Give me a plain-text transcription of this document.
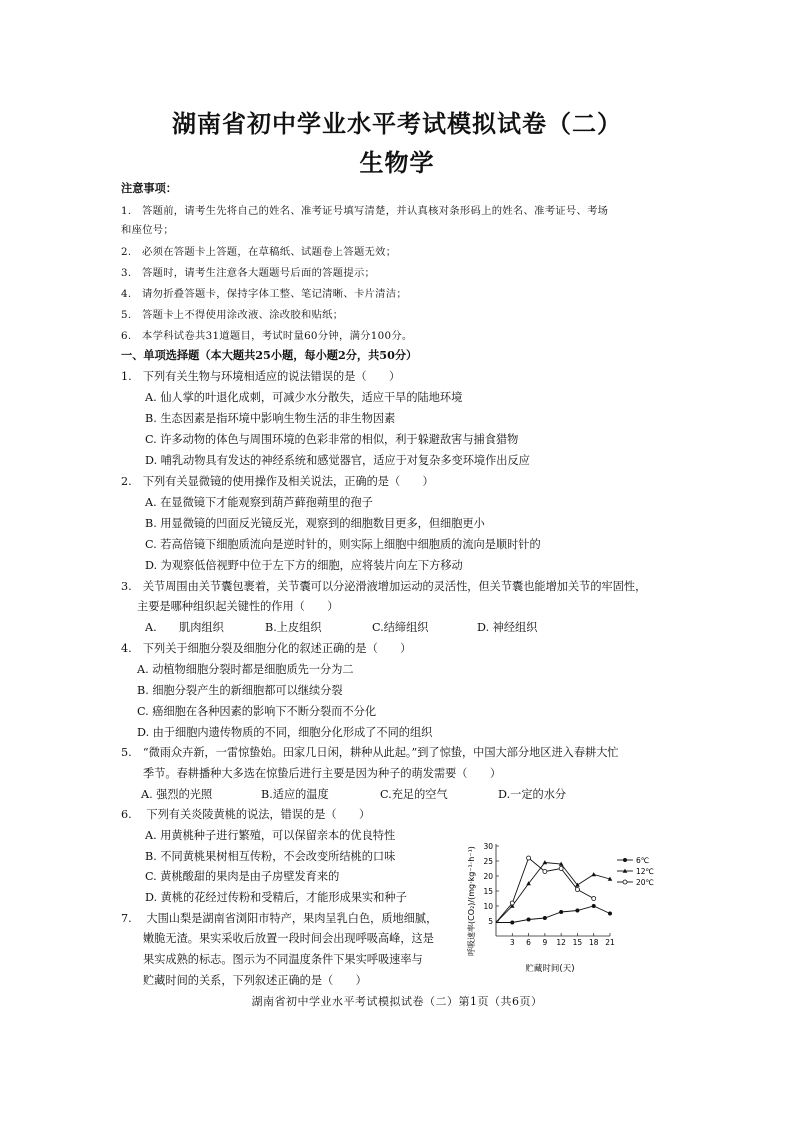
湖南省初中学业水平考试模拟试卷（二）
生物学
注意事项：
1.　答题前，请考生先将自己的姓名、准考证号填写清楚，并认真核对条形码上的姓名、准考证号、考场
和座位号；
2.　必须在答题卡上答题，在草稿纸、试题卷上答题无效；
3.　答题时，请考生注意各大题题号后面的答题提示；
4.　请勿折叠答题卡，保持字体工整、笔记清晰、卡片清洁；
5.　答题卡上不得使用涂改液、涂改胶和贴纸；
6.　本学科试卷共31道题目，考试时量60分钟，满分100分。
一、单项选择题（本大题共25小题，每小题2分，共50分）
1.　下列有关生物与环境相适应的说法错误的是（　　）
A. 仙人掌的叶退化成刺，可减少水分散失，适应干旱的陆地环境
B. 生态因素是指环境中影响生物生活的非生物因素
C. 许多动物的体色与周围环境的色彩非常的相似，利于躲避敌害与捕食猎物
D. 哺乳动物具有发达的神经系统和感觉器官，适应于对复杂多变环境作出反应
2.　下列有关显微镜的使用操作及相关说法，正确的是（　　）
A. 在显微镜下才能观察到葫芦藓孢蒴里的孢子
B. 用显微镜的凹面反光镜反光，观察到的细胞数目更多，但细胞更小
C. 若高倍镜下细胞质流向是逆时针的，则实际上细胞中细胞质的流向是顺时针的
D. 为观察低倍视野中位于左下方的细胞，应将装片向左下方移动
3.　关节周围由关节囊包裹着，关节囊可以分泌滑液增加运动的灵活性，但关节囊也能增加关节的牢固性，
主要是哪种组织起关键性的作用（　　）
A.　　肌肉组织	B.上皮组织	C.结缔组织	D. 神经组织
4.　下列关于细胞分裂及细胞分化的叙述正确的是（　　）
A. 动植物细胞分裂时都是细胞质先一分为二
B. 细胞分裂产生的新细胞都可以继续分裂
C. 癌细胞在各种因素的影响下不断分裂而不分化
D. 由于细胞内遗传物质的不同，细胞分化形成了不同的组织
5.　“微雨众卉新，一雷惊蛰始。田家几日闲，耕种从此起。”到了惊蛰，中国大部分地区进入春耕大忙
季节。春耕播种大多选在惊蛰后进行主要是因为种子的萌发需要（　　）
A. 强烈的光照	B.适应的温度	C.充足的空气	D.一定的水分
6.　 下列有关炎陵黄桃的说法，错误的是（　　）
A. 用黄桃种子进行繁殖，可以保留亲本的优良特性
B. 不同黄桃果树相互传粉，不会改变所结桃的口味
C. 黄桃酸甜的果肉是由子房壁发育来的
D. 黄桃的花经过传粉和受精后，才能形成果实和种子
7.　 大围山梨是湖南省浏阳市特产，果肉呈乳白色，质地细腻，
嫩脆无渣。果实采收后放置一段时间会出现呼吸高峰，这是
果实成熟的标志。图示为不同温度条件下果实呼吸速率与
贮藏时间的关系，下列叙述正确的是（　　）
5
10
15
20
25
30
3 6 9 12 15 18 21
6℃
12℃
20℃
呼吸速率(CO₂)/(mg·kg⁻¹·h⁻¹)
贮藏时间(天)
湖南省初中学业水平考试模拟试卷（二）第1页（共6页）
